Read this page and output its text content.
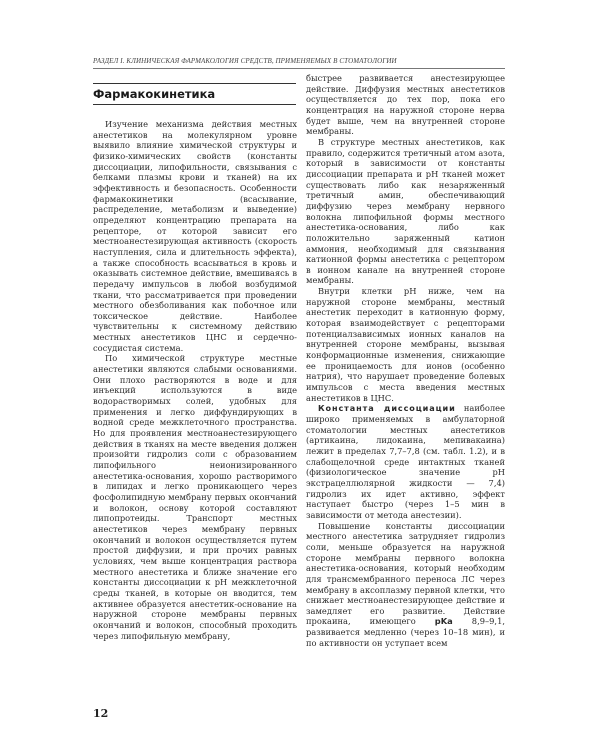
РАЗДЕЛ I. КЛИНИЧЕСКАЯ ФАРМАКОЛОГИЯ СРЕДСТВ, ПРИМЕНЯЕМЫХ В СТОМАТОЛОГИИ
Фармакокинетика

Изучение механизма действия местных анестетиков на молекулярном уровне выявило влияние химической структуры и физико-химических свойств (константы диссоциации, липофильности, связывания с белками плазмы крови и тканей) на их эффективность и безопасность. Особенности фармакокинетики (всасывание, распределение, метаболизм и выведение) определяют концентрацию препарата на рецепторе, от которой зависит его местноанестезирующая активность (скорость наступления, сила и длительность эффекта), а также способность всасываться в кровь и оказывать системное действие, вмешиваясь в передачу импульсов в любой возбудимой ткани, что рассматривается при проведении местного обезболивания как побочное или токсическое действие. Наиболее чувствительны к системному действию местных анестетиков ЦНС и сердечно-сосудистая система.

По химической структуре местные анестетики являются слабыми основаниями. Они плохо растворяются в воде и для инъекций используются в виде водорастворимых солей, удобных для применения и легко диффундирующих в водной среде межклеточного пространства. Но для проявления местноанестезирующего действия в тканях на месте введения должен произойти гидролиз соли с образованием липофильного неионизированного анестетика-основания, хорошо растворимого в липидах и легко проникающего через фосфолипидную мембрану первых окончаний и волокон, основу которой составляют липопротеиды. Транспорт местных анестетиков через мембрану первных окончаний и волокон осуществляется путем простой диффузии, и при прочих равных условиях, чем выше концентрация раствора местного анестетика и ближе значение его константы диссоциации к pH межклеточной среды тканей, в которые он вводится, тем активнее образуется анестетик-основание на наружной стороне мембраны первных окончаний и волокон, способный проходить через липофильную мембрану,

быстрее развивается анестезирующее действие. Диффузия местных анестетиков осуществляется до тех пор, пока его концентрация на наружной стороне нерва будет выше, чем на внутренней стороне мембраны.

В структуре местных анестетиков, как правило, содержится третичный атом азота, который в зависимости от константы диссоциации препарата и pH тканей может существовать либо как незаряженный третичный амин, обеспечивающий диффузию через мембрану нервного волокна липофильной формы местного анестетика-основания, либо как положительно заряженный катион аммония, необходимый для связывания катионной формы анестетика с рецептором в ионном канале на внутренней стороне мембраны.

Внутри клетки pH ниже, чем на наружной стороне мембраны, местный анестетик переходит в катионную форму, которая взаимодействует с рецепторами потенциалзависимых ионных каналов на внутренней стороне мембраны, вызывая конформационные изменения, снижающие ее проницаемость для ионов (особенно натрия), что нарушает проведение болевых импульсов с места введения местных анестетиков в ЦНС.

Константа диссоциации наиболее широко применяемых в амбулаторной стоматологии местных анестетиков (артикаина, лидокаина, мепивакаина) лежит в пределах 7,7–7,8 (см. табл. 1.2), и в слабощелочной среде интактных тканей (физиологическое значение pH экстрацеллюлярной жидкости — 7,4) гидролиз их идет активно, эффект наступает быстро (через 1–5 мин в зависимости от метода анестезии).

Повышение константы диссоциации местного анестетика затрудняет гидролиз соли, меньше образуется на наружной стороне мембраны первного волокна анестетика-основания, который необходим для трансмембранного переноса ЛС через мембрану в аксоплазму первной клетки, что снижает местноанестезирующее действие и замедляет его развитие. Действие прокаина, имеющего pKa 8,9–9,1, развивается медленно (через 10–18 мин), и по активности он уступает всем

12
